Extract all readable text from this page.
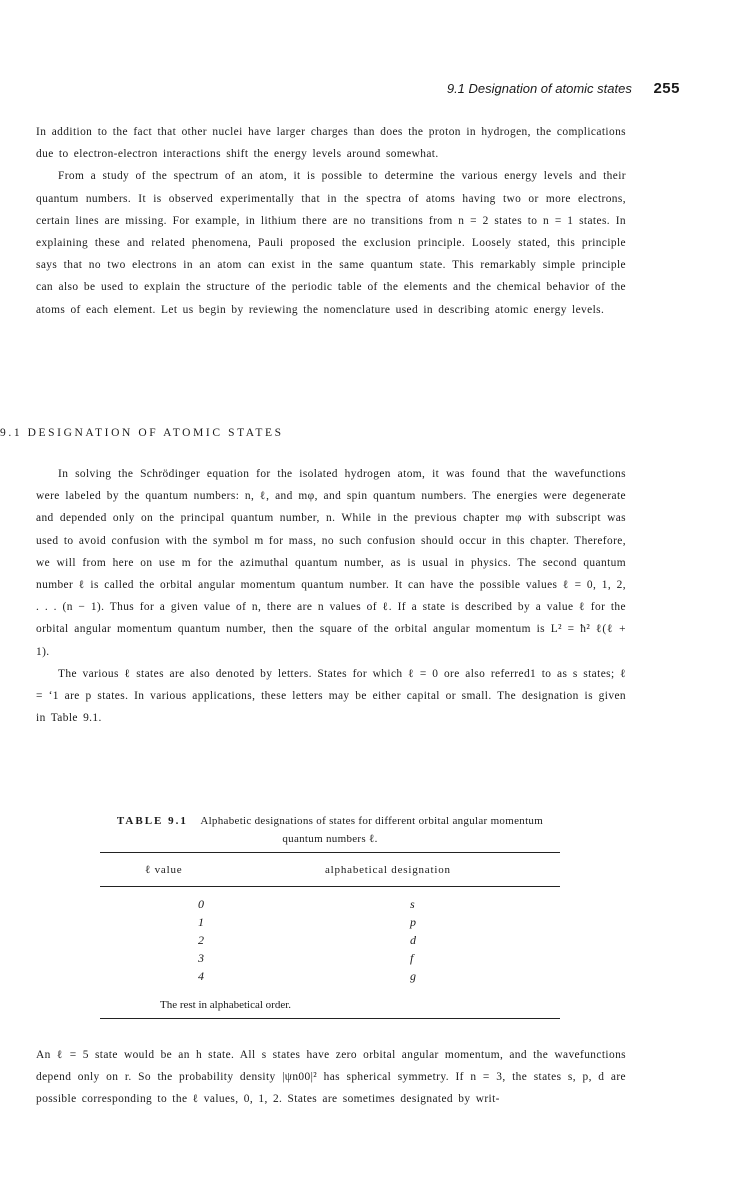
9.1 Designation of atomic states 255

In addition to the fact that other nuclei have larger charges than does the proton in hydrogen, the complications due to electron-electron interactions shift the energy levels around somewhat.

From a study of the spectrum of an atom, it is possible to determine the various energy levels and their quantum numbers. It is observed experimentally that in the spectra of atoms having two or more electrons, certain lines are missing. For example, in lithium there are no transitions from n = 2 states to n = 1 states. In explaining these and related phenomena, Pauli proposed the exclusion principle. Loosely stated, this principle says that no two electrons in an atom can exist in the same quantum state. This remarkably simple principle can also be used to explain the structure of the periodic table of the elements and the chemical behavior of the atoms of each element. Let us begin by reviewing the nomenclature used in describing atomic energy levels.

9.1 DESIGNATION OF ATOMIC STATES

In solving the Schrödinger equation for the isolated hydrogen atom, it was found that the wavefunctions were labeled by the quantum numbers: n, ℓ, and mφ, and spin quantum numbers. The energies were degenerate and depended only on the principal quantum number, n. While in the previous chapter mφ with subscript was used to avoid confusion with the symbol m for mass, no such confusion should occur in this chapter. Therefore, we will from here on use m for the azimuthal quantum number, as is usual in physics. The second quantum number ℓ is called the orbital angular momentum quantum number. It can have the possible values ℓ = 0, 1, 2, . . . (n − 1). Thus for a given value of n, there are n values of ℓ. If a state is described by a value ℓ for the orbital angular momentum quantum number, then the square of the orbital angular momentum is L² = ħ² ℓ(ℓ + 1).

The various ℓ states are also denoted by letters. States for which ℓ = 0 ore also referred1 to as s states; ℓ = ‘1 are p states. In various applications, these letters may be either capital or small. The designation is given in Table 9.1.

TABLE 9.1 Alphabetic designations of states for different orbital angular momentum quantum numbers ℓ.
ℓ value	alphabetical designation
0	s
1	p
2	d
3	f
4	g
The rest in alphabetical order.

An ℓ = 5 state would be an h state. All s states have zero orbital angular momentum, and the wavefunctions depend only on r. So the probability density |ψn00|² has spherical symmetry. If n = 3, the states s, p, d are possible corresponding to the ℓ values, 0, 1, 2. States are sometimes designated by writ-
